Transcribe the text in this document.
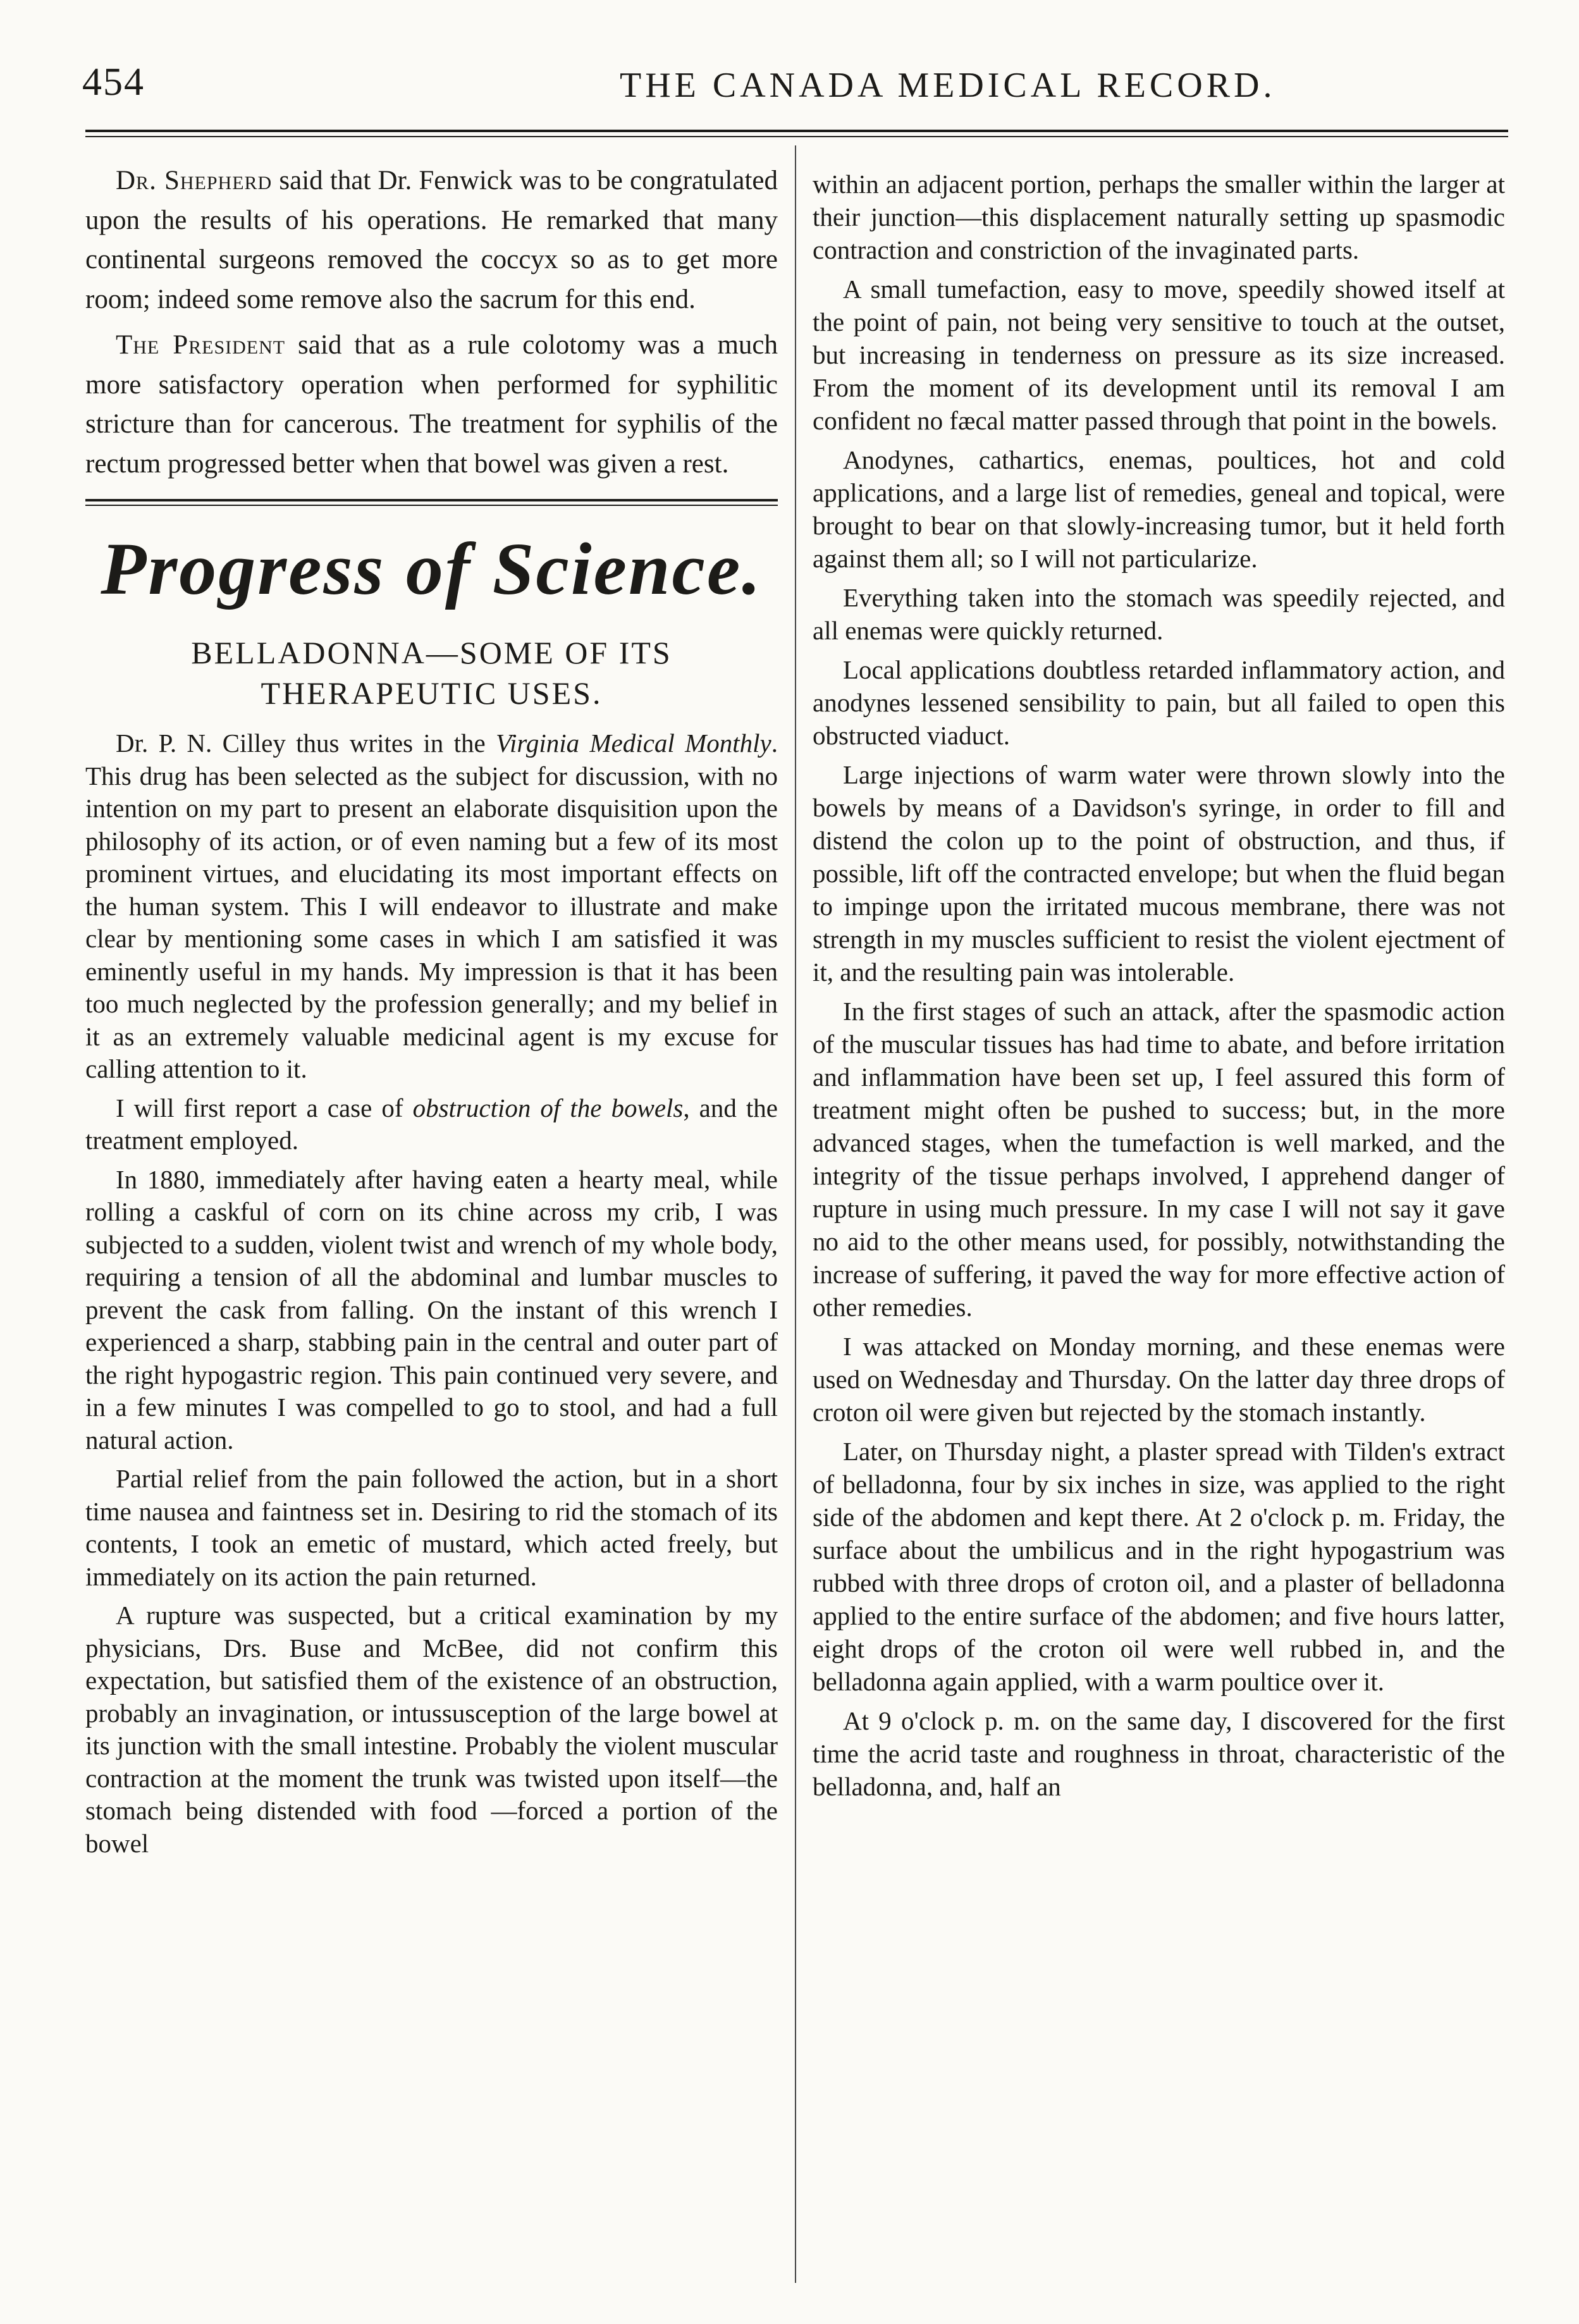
454	THE CANADA MEDICAL RECORD.

Dr. Shepherd said that Dr. Fenwick was to be congratulated upon the results of his operations. He remarked that many continental surgeons removed the coccyx so as to get more room; indeed some remove also the sacrum for this end.

The President said that as a rule colotomy was a much more satisfactory operation when performed for syphilitic stricture than for cancerous. The treatment for syphilis of the rectum progressed better when that bowel was given a rest.

Progress of Science.
BELLADONNA—SOME OF ITS THERAPEUTIC USES.

Dr. P. N. Cilley thus writes in the Virginia Medical Monthly. This drug has been selected as the subject for discussion, with no intention on my part to present an elaborate disquisition upon the philosophy of its action, or of even naming but a few of its most prominent virtues, and elucidating its most important effects on the human system. This I will endeavor to illustrate and make clear by mentioning some cases in which I am satisfied it was eminently useful in my hands. My impression is that it has been too much neglected by the profession generally; and my belief in it as an extremely valuable medicinal agent is my excuse for calling attention to it.

I will first report a case of obstruction of the bowels, and the treatment employed.

In 1880, immediately after having eaten a hearty meal, while rolling a caskful of corn on its chine across my crib, I was subjected to a sudden, violent twist and wrench of my whole body, requiring a tension of all the abdominal and lumbar muscles to prevent the cask from falling. On the instant of this wrench I experienced a sharp, stabbing pain in the central and outer part of the right hypogastric region. This pain continued very severe, and in a few minutes I was compelled to go to stool, and had a full natural action.

Partial relief from the pain followed the action, but in a short time nausea and faintness set in. Desiring to rid the stomach of its contents, I took an emetic of mustard, which acted freely, but immediately on its action the pain returned.

A rupture was suspected, but a critical examination by my physicians, Drs. Buse and McBee, did not confirm this expectation, but satisfied them of the existence of an obstruction, probably an invagination, or intussusception of the large bowel at its junction with the small intestine. Probably the violent muscular contraction at the moment the trunk was twisted upon itself—the stomach being distended with food —forced a portion of the bowel

within an adjacent portion, perhaps the smaller within the larger at their junction—this displacement naturally setting up spasmodic contraction and constriction of the invaginated parts.

A small tumefaction, easy to move, speedily showed itself at the point of pain, not being very sensitive to touch at the outset, but increasing in tenderness on pressure as its size increased. From the moment of its development until its removal I am confident no fæcal matter passed through that point in the bowels.

Anodynes, cathartics, enemas, poultices, hot and cold applications, and a large list of remedies, geneal and topical, were brought to bear on that slowly-increasing tumor, but it held forth against them all; so I will not particularize.

Everything taken into the stomach was speedily rejected, and all enemas were quickly returned.

Local applications doubtless retarded inflammatory action, and anodynes lessened sensibility to pain, but all failed to open this obstructed viaduct.

Large injections of warm water were thrown slowly into the bowels by means of a Davidson's syringe, in order to fill and distend the colon up to the point of obstruction, and thus, if possible, lift off the contracted envelope; but when the fluid began to impinge upon the irritated mucous membrane, there was not strength in my muscles sufficient to resist the violent ejectment of it, and the resulting pain was intolerable.

In the first stages of such an attack, after the spasmodic action of the muscular tissues has had time to abate, and before irritation and inflammation have been set up, I feel assured this form of treatment might often be pushed to success; but, in the more advanced stages, when the tumefaction is well marked, and the integrity of the tissue perhaps involved, I apprehend danger of rupture in using much pressure. In my case I will not say it gave no aid to the other means used, for possibly, notwithstanding the increase of suffering, it paved the way for more effective action of other remedies.

I was attacked on Monday morning, and these enemas were used on Wednesday and Thursday. On the latter day three drops of croton oil were given but rejected by the stomach instantly.

Later, on Thursday night, a plaster spread with Tilden's extract of belladonna, four by six inches in size, was applied to the right side of the abdomen and kept there. At 2 o'clock p. m. Friday, the surface about the umbilicus and in the right hypogastrium was rubbed with three drops of croton oil, and a plaster of belladonna applied to the entire surface of the abdomen; and five hours latter, eight drops of the croton oil were well rubbed in, and the belladonna again applied, with a warm poultice over it.

At 9 o'clock p. m. on the same day, I discovered for the first time the acrid taste and roughness in throat, characteristic of the belladonna, and, half an
